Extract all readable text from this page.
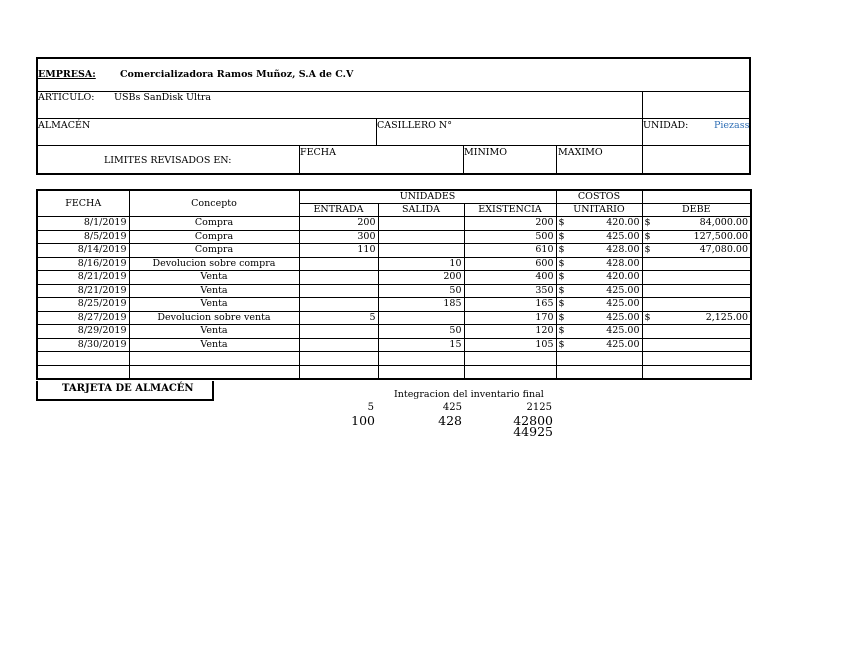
EMPRESA:
	Comercializadora Ramos Muñoz, S.A de C.V
ARTICULO: USBs SanDisk Ultra
ALMACÉN	CASILLERO N°	UNIDAD:	Piezass
LIMITES REVISADOS EN:
FECHA	MINIMO	MAXIMO
FECHA	Concepto	UNIDADES			COSTOS	
		ENTRADA	SALIDA	EXISTENCIA	UNITARIO	DEBE
8/1/2019	Compra	200		200	$ 420.00	$ 84,000.00

8/5/2019	Compra	300		500	$ 425.00	$ 127,500.00

8/14/2019	Compra	110		610	$ 428.00	$ 47,080.00

8/16/2019	Devolucion sobre compra		10	600	$ 428.00	

8/21/2019	Venta		200	400	$ 420.00	

8/21/2019	Venta		50	350	$ 425.00	

8/25/2019	Venta		185	165	$ 425.00	

8/27/2019	Devolucion sobre venta	5		170	$ 425.00	$ 2,125.00

8/29/2019	Venta		50	120	$ 425.00	

8/30/2019	Venta		15	105	$ 425.00	

TARJETA DE ALMACÉN
Integracion del inventario final
5	425	2125
100	428	42800
44925
